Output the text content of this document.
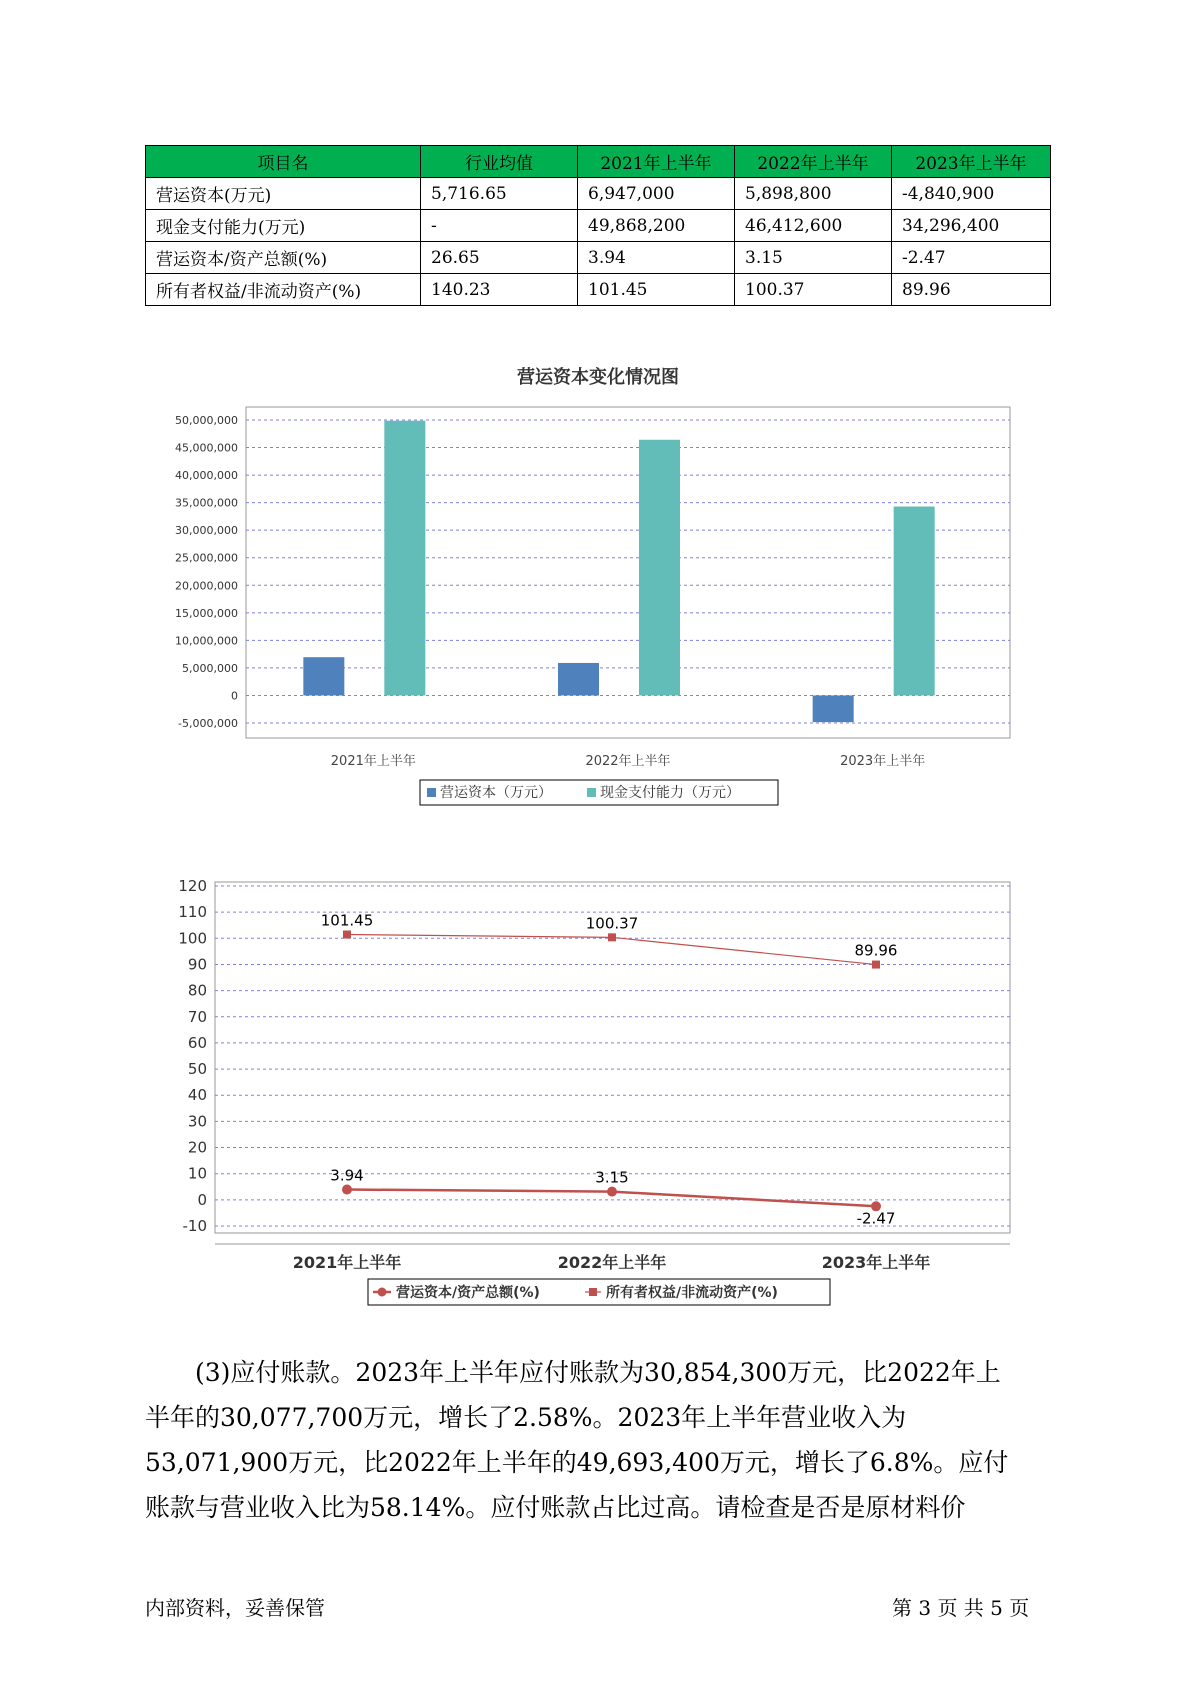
项目名	行业均值	2021年上半年	2022年上半年	2023年上半年
营运资本(万元)	5,716.65	6,947,000	5,898,800	-4,840,900
现金支付能力(万元)	-	49,868,200	46,412,600	34,296,400
营运资本/资产总额(%)	26.65	3.94	3.15	-2.47
所有者权益/非流动资产(%)	140.23	101.45	100.37	89.96
营运资本变化情况图
50,000,000
45,000,000
40,000,000
35,000,000
30,000,000
25,000,000
20,000,000
15,000,000
10,000,000
5,000,000
0
-5,000,000
2021年上半年	2022年上半年	2023年上半年
营运资本（万元）	现金支付能力（万元）
120
110
100
90
80
70
60
50
40
30
20
10
0
-10
2021年上半年	2022年上半年	2023年上半年
3.94	3.15
-2.47
101.45	100.37
89.96
营运资本/资产总额(%)	所有者权益/非流动资产(%)

　　(3)应付账款。2023年上半年应付账款为30,854,300万元，比2022年上
半年的30,077,700万元，增长了2.58%。2023年上半年营业收入为
53,071,900万元，比2022年上半年的49,693,400万元，增长了6.8%。应付
账款与营业收入比为58.14%。应付账款占比过高。请检查是否是原材料价

内部资料，妥善保管	第 3 页 共 5 页
